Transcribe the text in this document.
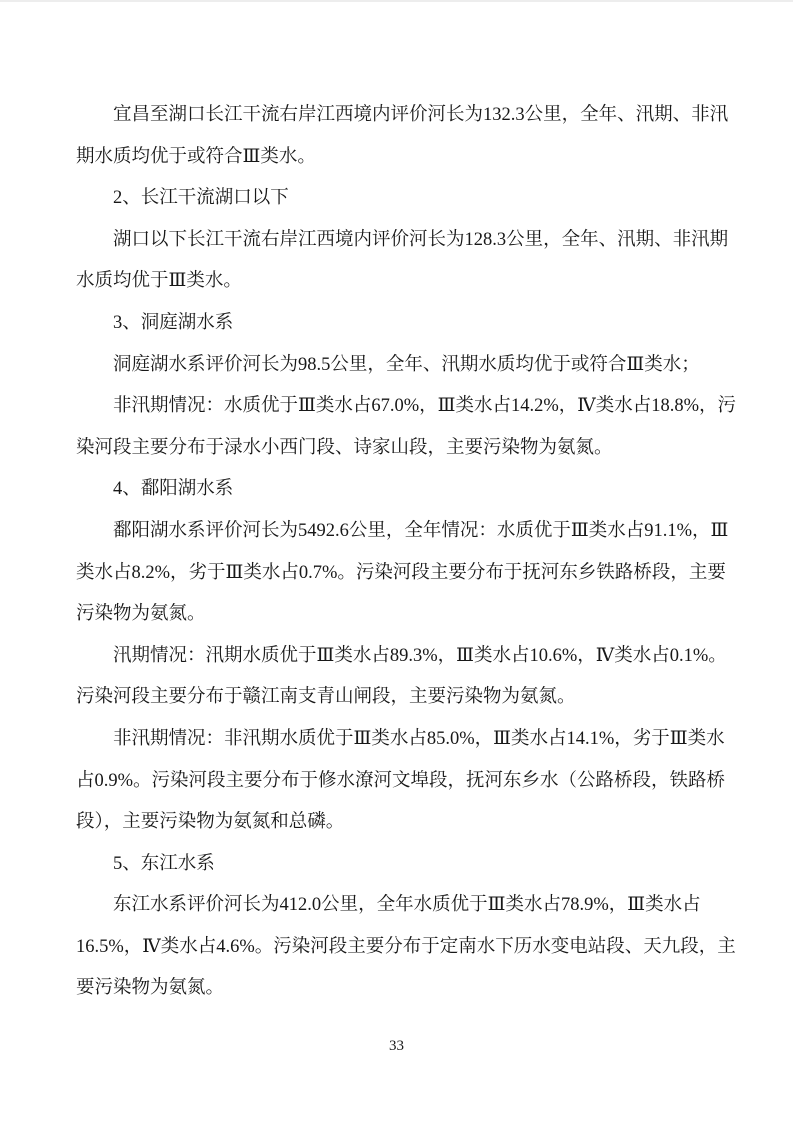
宜昌至湖口长江干流右岸江西境内评价河长为132.3公里，全年、汛期、非汛
期水质均优于或符合Ⅲ类水。
2、长江干流湖口以下
湖口以下长江干流右岸江西境内评价河长为128.3公里，全年、汛期、非汛期
水质均优于Ⅲ类水。
3、洞庭湖水系
洞庭湖水系评价河长为98.5公里，全年、汛期水质均优于或符合Ⅲ类水；
非汛期情况：水质优于Ⅲ类水占67.0%，Ⅲ类水占14.2%，Ⅳ类水占18.8%，污
染河段主要分布于渌水小西门段、诗家山段，主要污染物为氨氮。
4、鄱阳湖水系
鄱阳湖水系评价河长为5492.6公里，全年情况：水质优于Ⅲ类水占91.1%，Ⅲ
类水占8.2%，劣于Ⅲ类水占0.7%。污染河段主要分布于抚河东乡铁路桥段，主要
污染物为氨氮。
汛期情况：汛期水质优于Ⅲ类水占89.3%，Ⅲ类水占10.6%，Ⅳ类水占0.1%。
污染河段主要分布于赣江南支青山闸段，主要污染物为氨氮。
非汛期情况：非汛期水质优于Ⅲ类水占85.0%，Ⅲ类水占14.1%，劣于Ⅲ类水
占0.9%。污染河段主要分布于修水潦河文埠段，抚河东乡水（公路桥段，铁路桥
段），主要污染物为氨氮和总磷。
5、东江水系
东江水系评价河长为412.0公里，全年水质优于Ⅲ类水占78.9%，Ⅲ类水占
16.5%，Ⅳ类水占4.6%。污染河段主要分布于定南水下历水变电站段、天九段，主
要污染物为氨氮。
33
